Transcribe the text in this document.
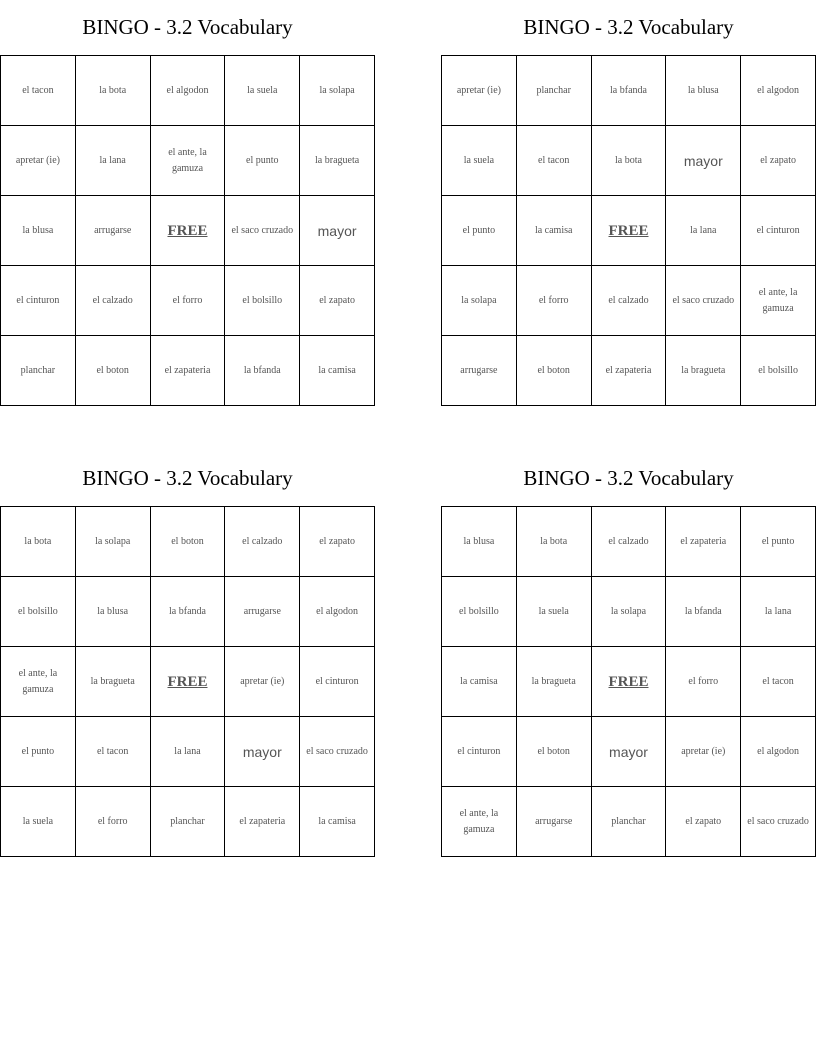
BINGO - 3.2 Vocabulary
el tacon	la bota	el algodon	la suela	la solapa
apretar (ie)	la lana	el ante, la gamuza	el punto	la bragueta
la blusa	arrugarse	FREE	el saco cruzado	mayor
el cinturon	el calzado	el forro	el bolsillo	el zapato
planchar	el boton	el zapateria	la bfanda	la camisa
BINGO - 3.2 Vocabulary
apretar (ie)	planchar	la bfanda	la blusa	el algodon
la suela	el tacon	la bota	mayor	el zapato
el punto	la camisa	FREE	la lana	el cinturon
la solapa	el forro	el calzado	el saco cruzado	el ante, la gamuza
arrugarse	el boton	el zapateria	la bragueta	el bolsillo
BINGO - 3.2 Vocabulary
la bota	la solapa	el boton	el calzado	el zapato
el bolsillo	la blusa	la bfanda	arrugarse	el algodon
el ante, la gamuza	la bragueta	FREE	apretar (ie)	el cinturon
el punto	el tacon	la lana	mayor	el saco cruzado
la suela	el forro	planchar	el zapateria	la camisa
BINGO - 3.2 Vocabulary
la blusa	la bota	el calzado	el zapateria	el punto
el bolsillo	la suela	la solapa	la bfanda	la lana
la camisa	la bragueta	FREE	el forro	el tacon
el cinturon	el boton	mayor	apretar (ie)	el algodon
el ante, la gamuza	arrugarse	planchar	el zapato	el saco cruzado
